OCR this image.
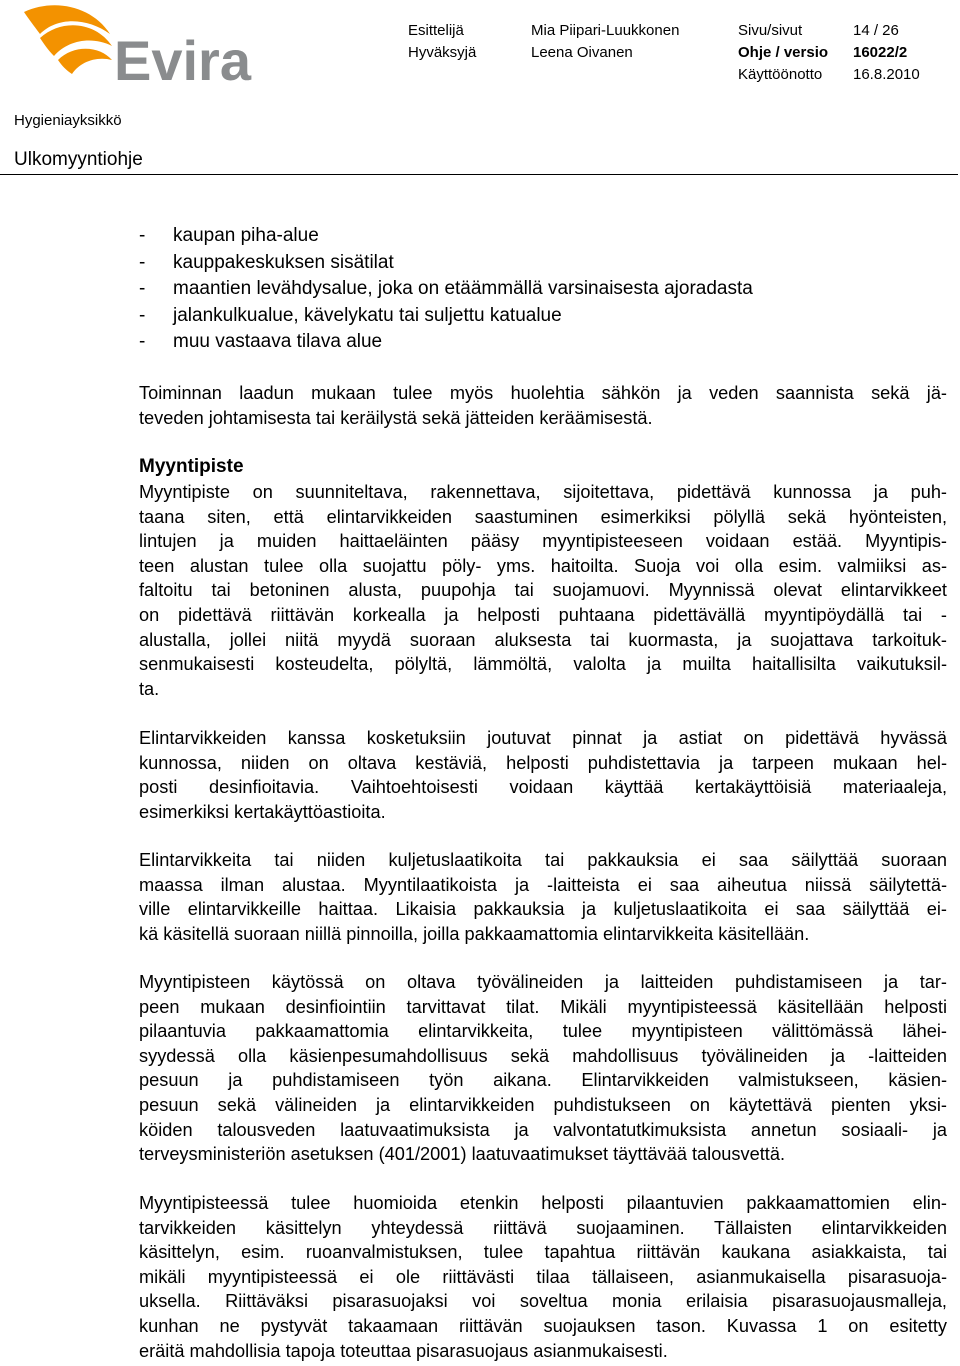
Evira	Esittelijä	Mia Piipari-Luukkonen	Sivu/sivut	14 / 26
Hyväksyjä	Leena Oivanen	Ohje / versio 16022/2
Käyttöönotto 16.8.2010
Hygieniayksikkö
Ulkomyyntiohje
-	kaupan piha-alue
-	kauppakeskuksen sisätilat
-	maantien levähdysalue, joka on etäämmällä varsinaisesta ajoradasta
-	jalankulkualue, kävelykatu tai suljettu katualue
-	muu vastaava tilava alue
Toiminnan laadun mukaan tulee myös huolehtia sähkön ja veden saannista sekä jä-
teveden johtamisesta tai keräilystä sekä jätteiden keräämisestä.
Myyntipiste
Myyntipiste on suunniteltava, rakennettava, sijoitettava, pidettävä kunnossa ja puh-
taana siten, että elintarvikkeiden saastuminen esimerkiksi pölyllä sekä hyönteisten,
lintujen ja muiden haittaeläinten pääsy myyntipisteeseen voidaan estää. Myyntipis-
teen alustan tulee olla suojattu pöly- yms. haitoilta. Suoja voi olla esim. valmiiksi as-
faltoitu tai betoninen alusta, puupohja tai suojamuovi. Myynnissä olevat elintarvikkeet
on pidettävä riittävän korkealla ja helposti puhtaana pidettävällä myyntipöydällä tai -
alustalla, jollei niitä myydä suoraan aluksesta tai kuormasta, ja suojattava tarkoituk-
senmukaisesti kosteudelta, pölyltä, lämmöltä, valolta ja muilta haitallisilta vaikutuksil-
ta.
Elintarvikkeiden kanssa kosketuksiin joutuvat pinnat ja astiat on pidettävä hyvässä
kunnossa, niiden on oltava kestäviä, helposti puhdistettavia ja tarpeen mukaan hel-
posti desinfioitavia. Vaihtoehtoisesti voidaan käyttää kertakäyttöisiä materiaaleja,
esimerkiksi kertakäyttöastioita.
Elintarvikkeita tai niiden kuljetuslaatikoita tai pakkauksia ei saa säilyttää suoraan
maassa ilman alustaa. Myyntilaatikoista ja -laitteista ei saa aiheutua niissä säilytettä-
ville elintarvikkeille haittaa. Likaisia pakkauksia ja kuljetuslaatikoita ei saa säilyttää ei-
kä käsitellä suoraan niillä pinnoilla, joilla pakkaamattomia elintarvikkeita käsitellään.
Myyntipisteen käytössä on oltava työvälineiden ja laitteiden puhdistamiseen ja tar-
peen mukaan desinfiointiin tarvittavat tilat. Mikäli myyntipisteessä käsitellään helposti
pilaantuvia pakkaamattomia elintarvikkeita, tulee myyntipisteen välittömässä lähei-
syydessä olla käsienpesumahdollisuus sekä mahdollisuus työvälineiden ja -laitteiden
pesuun ja puhdistamiseen työn aikana. Elintarvikkeiden valmistukseen, käsien-
pesuun sekä välineiden ja elintarvikkeiden puhdistukseen on käytettävä pienten yksi-
köiden talousveden laatuvaatimuksista ja valvontatutkimuksista annetun sosiaali- ja
terveysministeriön asetuksen (401/2001) laatuvaatimukset täyttävää talousvettä.
Myyntipisteessä tulee huomioida etenkin helposti pilaantuvien pakkaamattomien elin-
tarvikkeiden käsittelyn yhteydessä riittävä suojaaminen. Tällaisten elintarvikkeiden
käsittelyn, esim. ruoanvalmistuksen, tulee tapahtua riittävän kaukana asiakkaista, tai
mikäli myyntipisteessä ei ole riittävästi tilaa tällaiseen, asianmukaisella pisarasuoja-
uksella. Riittäväksi pisarasuojaksi voi soveltua monia erilaisia pisarasuojausmalleja,
kunhan ne pystyvät takaamaan riittävän suojauksen tason. Kuvassa 1 on esitetty
eräitä mahdollisia tapoja toteuttaa pisarasuojaus asianmukaisesti.
